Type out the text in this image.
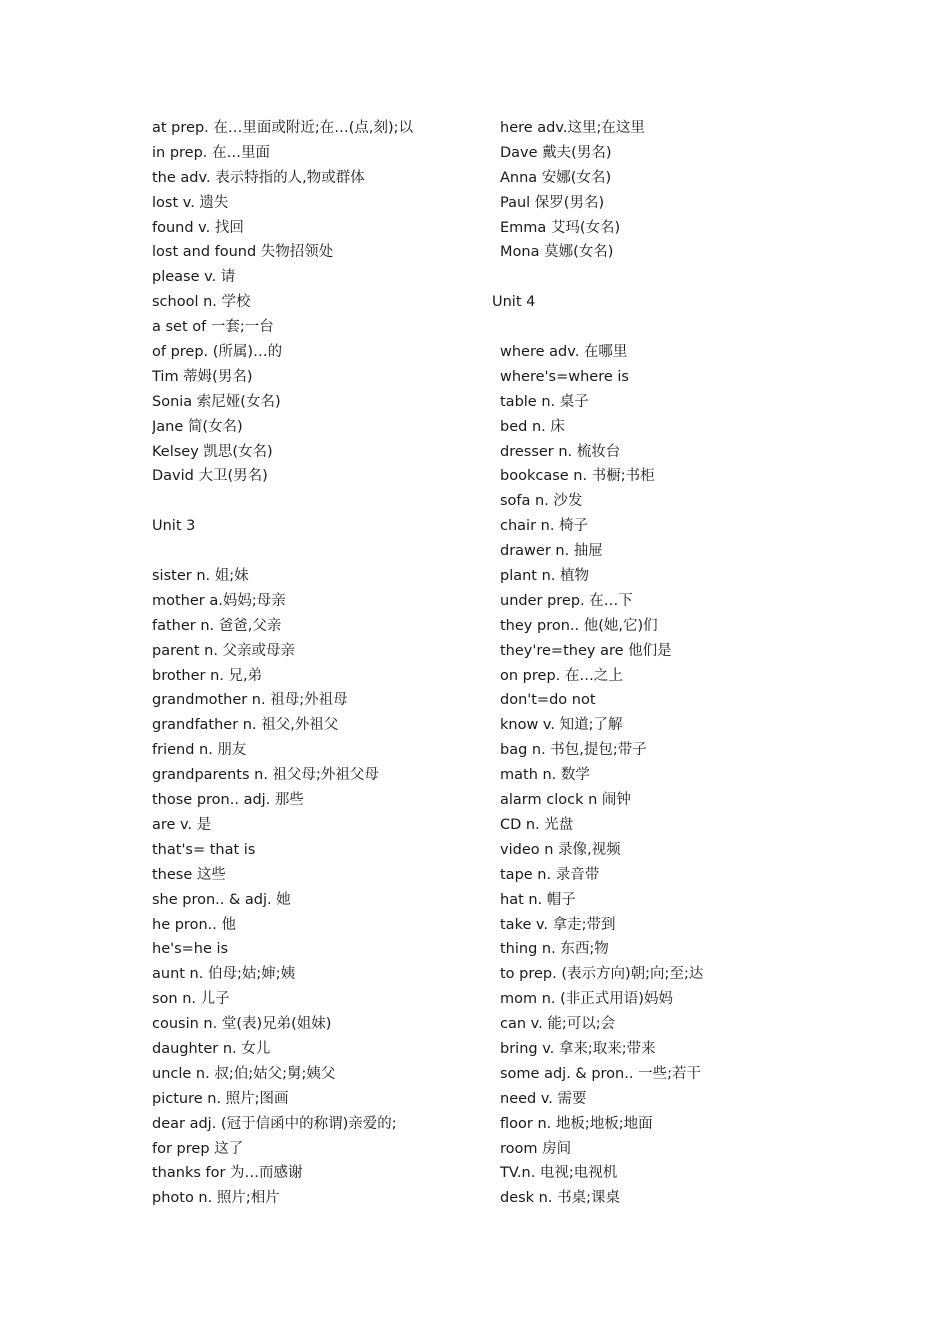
at prep. 在…里面或附近;在…(点,刻);以
in prep. 在…里面
the adv. 表示特指的人,物或群体
lost v. 遗失
found v. 找回
lost and found 失物招领处
please v. 请
school n. 学校
a set of 一套;一台
of prep. (所属)…的
Tim 蒂姆(男名)
Sonia 索尼娅(女名)
Jane 简(女名)
Kelsey 凯思(女名)
David 大卫(男名)
Unit 3
sister n. 姐;妹
mother a.妈妈;母亲
father n. 爸爸,父亲
parent n. 父亲或母亲
brother n. 兄,弟
grandmother n. 祖母;外祖母
grandfather n. 祖父,外祖父
friend n. 朋友
grandparents n. 祖父母;外祖父母
those pron.. adj. 那些
are v. 是
that's= that is
these 这些
she pron.. & adj. 她
he pron.. 他
he's=he is
aunt n. 伯母;姑;婶;姨
son n. 儿子
cousin n. 堂(表)兄弟(姐妹)
daughter n. 女儿
uncle n. 叔;伯;姑父;舅;姨父
picture n. 照片;图画
dear adj. (冠于信函中的称谓)亲爱的;
for prep 这了
thanks for 为…而感谢
photo n. 照片;相片
here adv.这里;在这里
Dave 戴夫(男名)
Anna 安娜(女名)
Paul 保罗(男名)
Emma 艾玛(女名)
Mona 莫娜(女名)
Unit 4
where adv. 在哪里
where's=where is
table n. 桌子
bed n. 床
dresser n. 梳妆台
bookcase n. 书橱;书柜
sofa n. 沙发
chair n. 椅子
drawer n. 抽屉
plant n. 植物
under prep. 在…下
they pron.. 他(她,它)们
they're=they are 他们是
on prep. 在…之上
don't=do not
know v. 知道;了解
bag n. 书包,提包;带子
math n. 数学
alarm clock n 闹钟
CD n. 光盘
video n 录像,视频
tape n. 录音带
hat n. 帽子
take v. 拿走;带到
thing n. 东西;物
to prep. (表示方向)朝;向;至;达
mom n. (非正式用语)妈妈
can v. 能;可以;会
bring v. 拿来;取来;带来
some adj. & pron.. 一些;若干
need v. 需要
floor n. 地板;地板;地面
room 房间
TV.n. 电视;电视机
desk n. 书桌;课桌
